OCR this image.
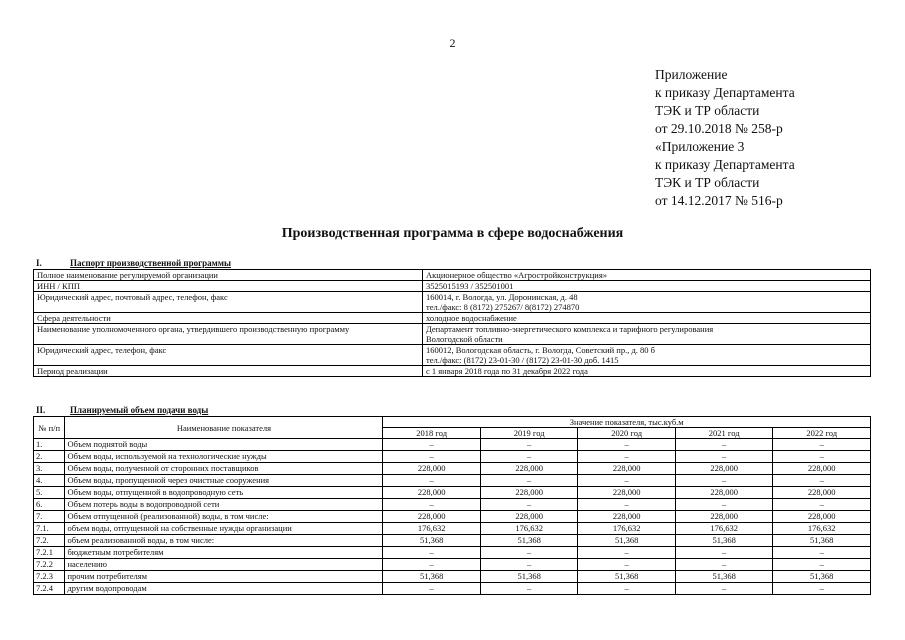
2
Приложение
к приказу Департамента
ТЭК и ТР области
от 29.10.2018 № 258-р
«Приложение 3
к приказу Департамента
ТЭК и ТР области
от 14.12.2017 № 516-р
Производственная программа в сфере водоснабжения
I.	Паспорт производственной программы
Полное наименование регулируемой организации	Акционерное общество «Агростройконструкция»

ИНН / КПП	3525015193 / 352501001

Юридический адрес, почтовый адрес, телефон, факс	160014, г. Вологда, ул. Доронинская, д. 48
тел./факс: 8 (8172) 275267/ 8(8172) 274870

Сфера деятельности	холодное водоснабжение

Наименование уполномоченного органа, утвердившего производственную программу	Департамент топливно-энергетического комплекса и тарифного регулирования
Вологодской области

Юридический адрес, телефон, факс	160012, Вологодская область, г. Вологда, Советский пр., д. 80 б
тел./факс: (8172) 23-01-30 / (8172) 23-01-30 доб. 1415

Период реализации	с 1 января 2018 года по 31 декабря 2022 года
II.	Планируемый объем подачи воды
№ п/п	Наименование показателя	Значение показателя, тыс.куб.м				
		2018 год	2019 год	2020 год	2021 год	2022 год
1.	Объем поднятой воды	–	–	–	–	–
2.	Объем воды, используемой на технологические нужды	–	–	–	–	–
3.	Объем воды, полученной от сторонних поставщиков	228,000	228,000	228,000	228,000	228,000
4.	Объем воды, пропущенной через очистные сооружения	–	–	–	–	–
5.	Объем воды, отпущенной в водопроводную сеть	228,000	228,000	228,000	228,000	228,000
6.	Объем потерь воды в водопроводной сети	–	–	–	–	–
7.	Объем отпущенной (реализованной) воды, в том числе:	228,000	228,000	228,000	228,000	228,000
7.1.	объем воды, отпущенной на собственные нужды организации	176,632	176,632	176,632	176,632	176,632
7.2.	объем реализованной воды, в том числе:	51,368	51,368	51,368	51,368	51,368
7.2.1	бюджетным потребителям	–	–	–	–	–
7.2.2	населению	–	–	–	–	–
7.2.3	прочим потребителям	51,368	51,368	51,368	51,368	51,368
7.2.4	другим водопроводам	–	–	–	–	–
